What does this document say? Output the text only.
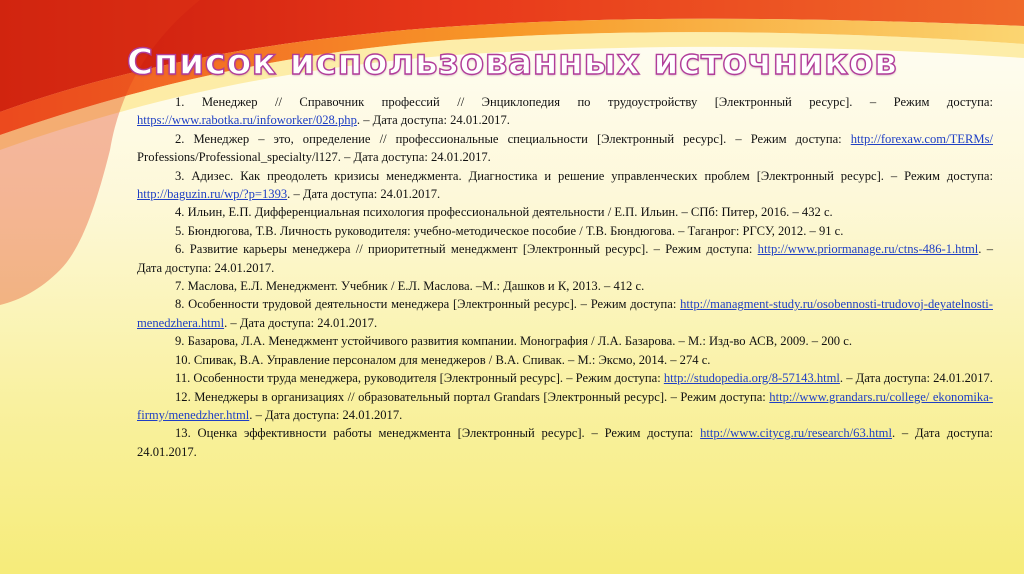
Список использованных источников

1. Менеджер // Справочник профессий // Энциклопедия по трудоустройству [Электронный ресурс]. – Режим доступа: https://www.rabotka.ru/infoworker/028.php. – Дата доступа: 24.01.2017.

2. Менеджер – это, определение // профессиональные специальности [Электронный ресурс]. – Режим доступа: http://forexaw.com/TERMs/ Professions/Professional_specialty/l127. – Дата доступа: 24.01.2017.

3. Адизес. Как преодолеть кризисы менеджмента. Диагностика и решение управленческих проблем [Электронный ресурс]. – Режим доступа: http://baguzin.ru/wp/?p=1393. – Дата доступа: 24.01.2017.

4. Ильин, Е.П. Дифференциальная психология профессиональной деятельности / Е.П. Ильин. – СПб: Питер, 2016. – 432 с.

5. Бюндюгова, Т.В. Личность руководителя: учебно-методическое пособие / Т.В. Бюндюгова. – Таганрог: РГСУ, 2012. – 91 с.

6. Развитие карьеры менеджера // приоритетный менеджмент [Электронный ресурс]. – Режим доступа: http://www.priormanage.ru/ctns-486-1.html. – Дата доступа: 24.01.2017.

7. Маслова, Е.Л. Менеджмент. Учебник / Е.Л. Маслова. –М.: Дашков и К, 2013. – 412 с.

8. Особенности трудовой деятельности менеджера [Электронный ресурс]. – Режим доступа: http://managment-study.ru/osobennosti-trudovoj-deyatelnosti-menedzhera.html. – Дата доступа: 24.01.2017.

9. Базарова, Л.А. Менеджмент устойчивого развития компании. Монография / Л.А. Базарова. – М.: Изд-во АСВ, 2009. – 200 с.

10. Спивак, В.А. Управление персоналом для менеджеров / В.А. Спивак. – М.: Эксмо, 2014. – 274 с.

11. Особенности труда менеджера, руководителя [Электронный ресурс]. – Режим доступа: http://studopedia.org/8-57143.html. – Дата доступа: 24.01.2017.

12. Менеджеры в организациях // образовательный портал Grandars [Электронный ресурс]. – Режим доступа: http://www.grandars.ru/college/ ekonomika-firmy/menedzher.html. – Дата доступа: 24.01.2017.

13. Оценка эффективности работы менеджмента [Электронный ресурс]. – Режим доступа: http://www.citycg.ru/research/63.html. – Дата доступа: 24.01.2017.
